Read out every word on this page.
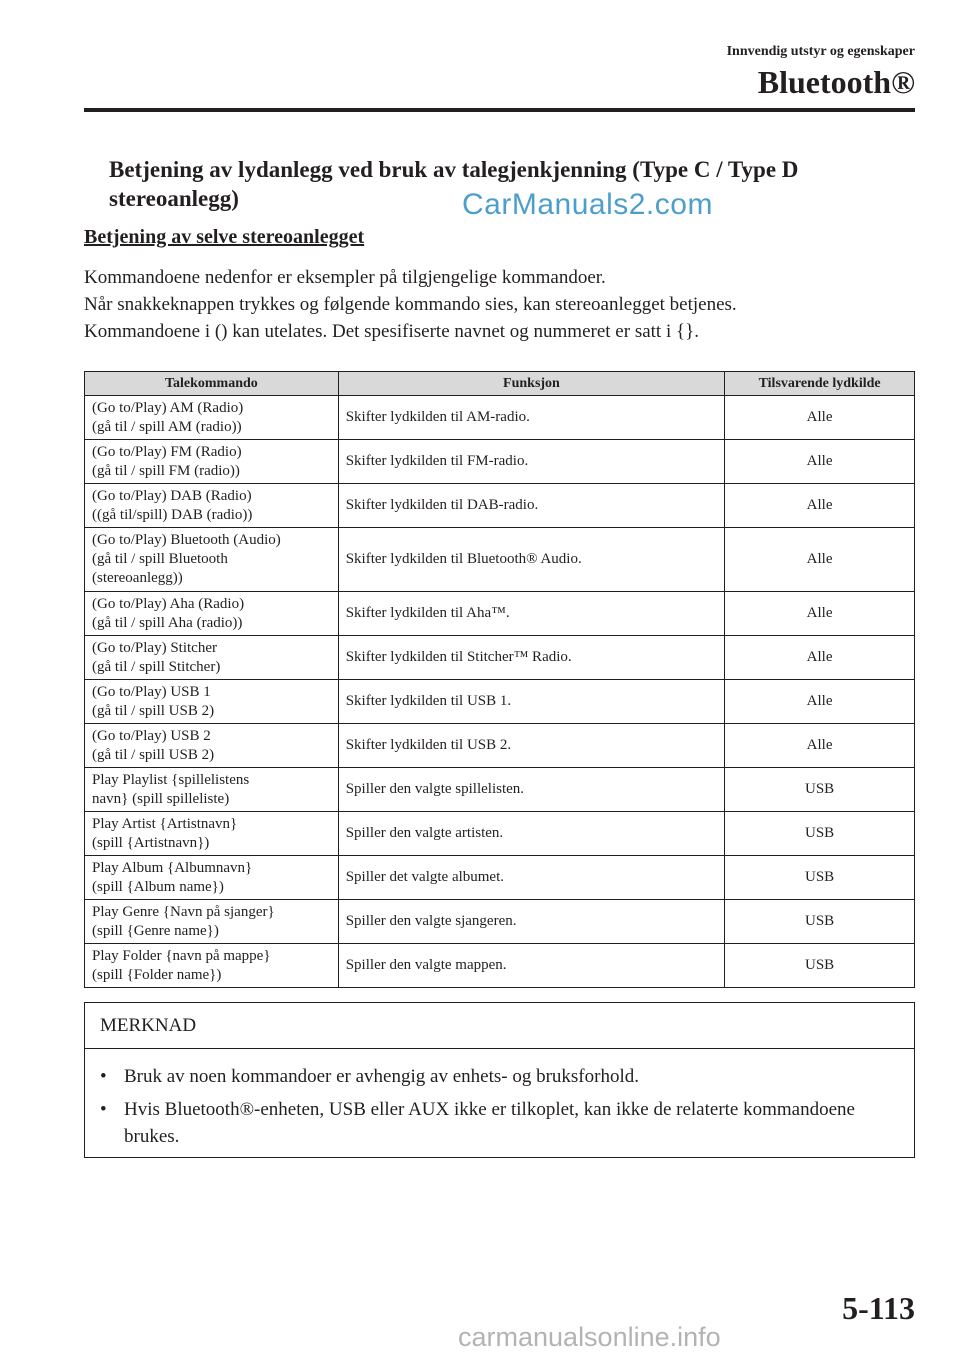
Innvendig utstyr og egenskaper
Bluetooth®
Betjening av lydanlegg ved bruk av talegjenkjenning (Type C / Type D stereoanlegg)	CarManuals2.com
Betjening av selve stereoanlegget

Kommandoene nedenfor er eksempler på tilgjengelige kommandoer.

Når snakkeknappen trykkes og følgende kommando sies, kan stereoanlegget betjenes.

Kommandoene i () kan utelates. Det spesifiserte navnet og nummeret er satt i {}.

Talekommando	Funksjon	Tilsvarende lydkilde

(Go to/Play) AM (Radio)
(gå til / spill AM (radio))	Skifter lydkilden til AM-radio.	Alle

(Go to/Play) FM (Radio)
(gå til / spill FM (radio))	Skifter lydkilden til FM-radio.	Alle

(Go to/Play) DAB (Radio)
((gå til/spill) DAB (radio))	Skifter lydkilden til DAB-radio.	Alle

(Go to/Play) Bluetooth (Audio)
(gå til / spill Bluetooth
(stereoanlegg))	Skifter lydkilden til Bluetooth® Audio.	Alle

(Go to/Play) Aha (Radio)
(gå til / spill Aha (radio))	Skifter lydkilden til Aha™.	Alle

(Go to/Play) Stitcher
(gå til / spill Stitcher)	Skifter lydkilden til Stitcher™ Radio.	Alle

(Go to/Play) USB 1
(gå til / spill USB 2)	Skifter lydkilden til USB 1.	Alle

(Go to/Play) USB 2
(gå til / spill USB 2)	Skifter lydkilden til USB 2.	Alle

Play Playlist {spillelistens
navn} (spill spilleliste)	Spiller den valgte spillelisten.	USB

Play Artist {Artistnavn}
(spill {Artistnavn})	Spiller den valgte artisten.	USB

Play Album {Albumnavn}
(spill {Album name})	Spiller det valgte albumet.	USB

Play Genre {Navn på sjanger}
(spill {Genre name})	Spiller den valgte sjangeren.	USB

Play Folder {navn på mappe}
(spill {Folder name})	Spiller den valgte mappen.	USB
MERKNAD
• Bruk av noen kommandoer er avhengig av enhets- og bruksforhold.
• Hvis Bluetooth®-enheten, USB eller AUX ikke er tilkoplet, kan ikke de relaterte kommandoene brukes.
5-113
carmanualsonline.info
